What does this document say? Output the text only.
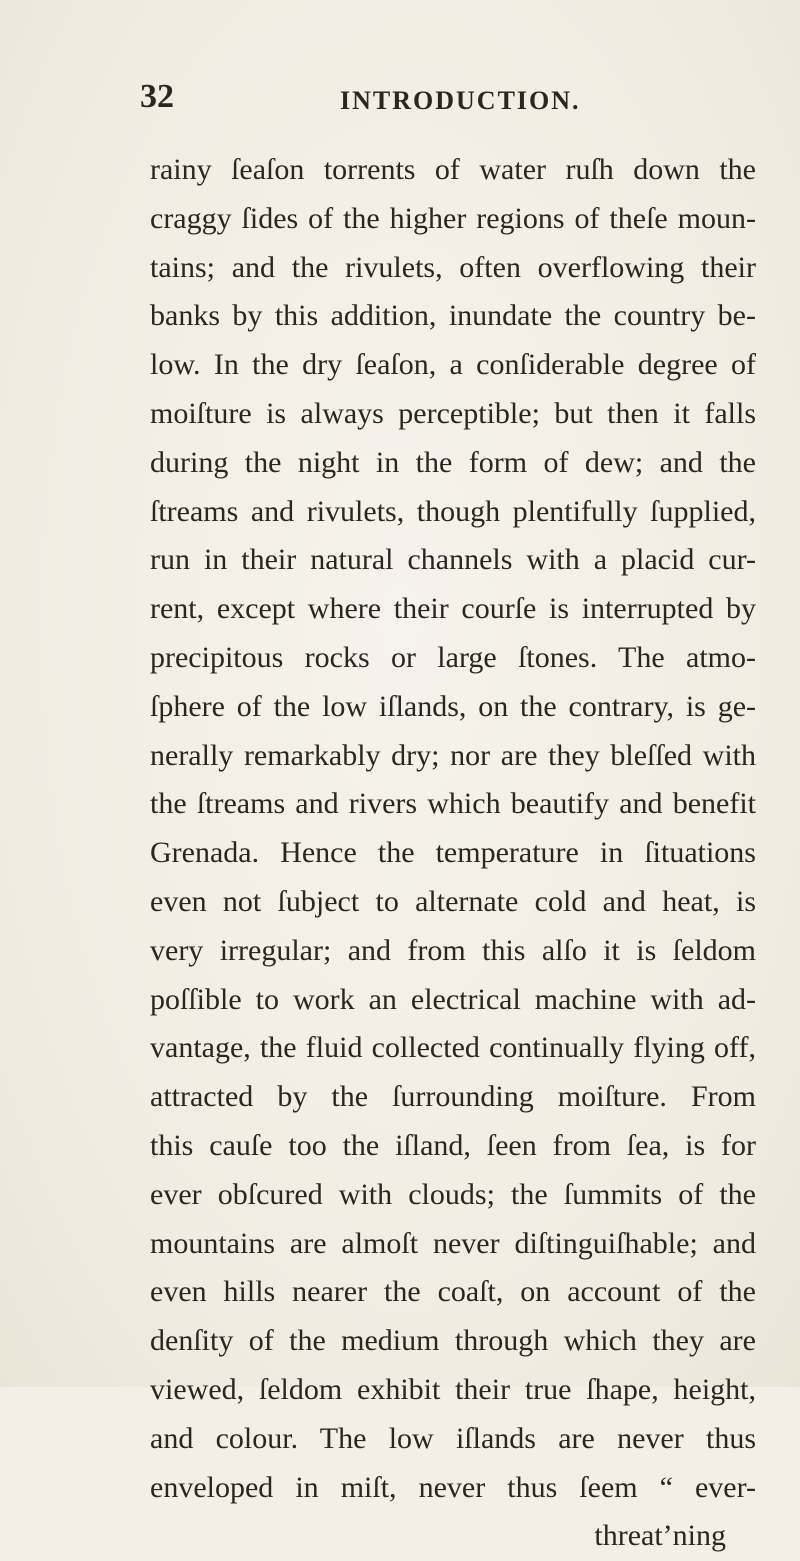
32	INTRODUCTION.
rainy ſeaſon torrents of water ruſh down the
craggy ſides of the higher regions of theſe moun-
tains; and the rivulets, often overflowing their
banks by this addition, inundate the country be-
low. In the dry ſeaſon, a conſiderable degree of
moiſture is always perceptible; but then it falls
during the night in the form of dew; and the
ſtreams and rivulets, though plentifully ſupplied,
run in their natural channels with a placid cur-
rent, except where their courſe is interrupted by
precipitous rocks or large ſtones. The atmo-
ſphere of the low iſlands, on the contrary, is ge-
nerally remarkably dry; nor are they bleſſed with
the ſtreams and rivers which beautify and benefit
Grenada. Hence the temperature in ſituations
even not ſubject to alternate cold and heat, is
very irregular; and from this alſo it is ſeldom
poſſible to work an electrical machine with ad-
vantage, the fluid collected continually flying off,
attracted by the ſurrounding moiſture. From
this cauſe too the iſland, ſeen from ſea, is for
ever obſcured with clouds; the ſummits of the
mountains are almoſt never diſtinguiſhable; and
even hills nearer the coaſt, on account of the
denſity of the medium through which they are
viewed, ſeldom exhibit their true ſhape, height,
and colour. The low iſlands are never thus
enveloped in miſt, never thus ſeem “ ever-
threat’ning
